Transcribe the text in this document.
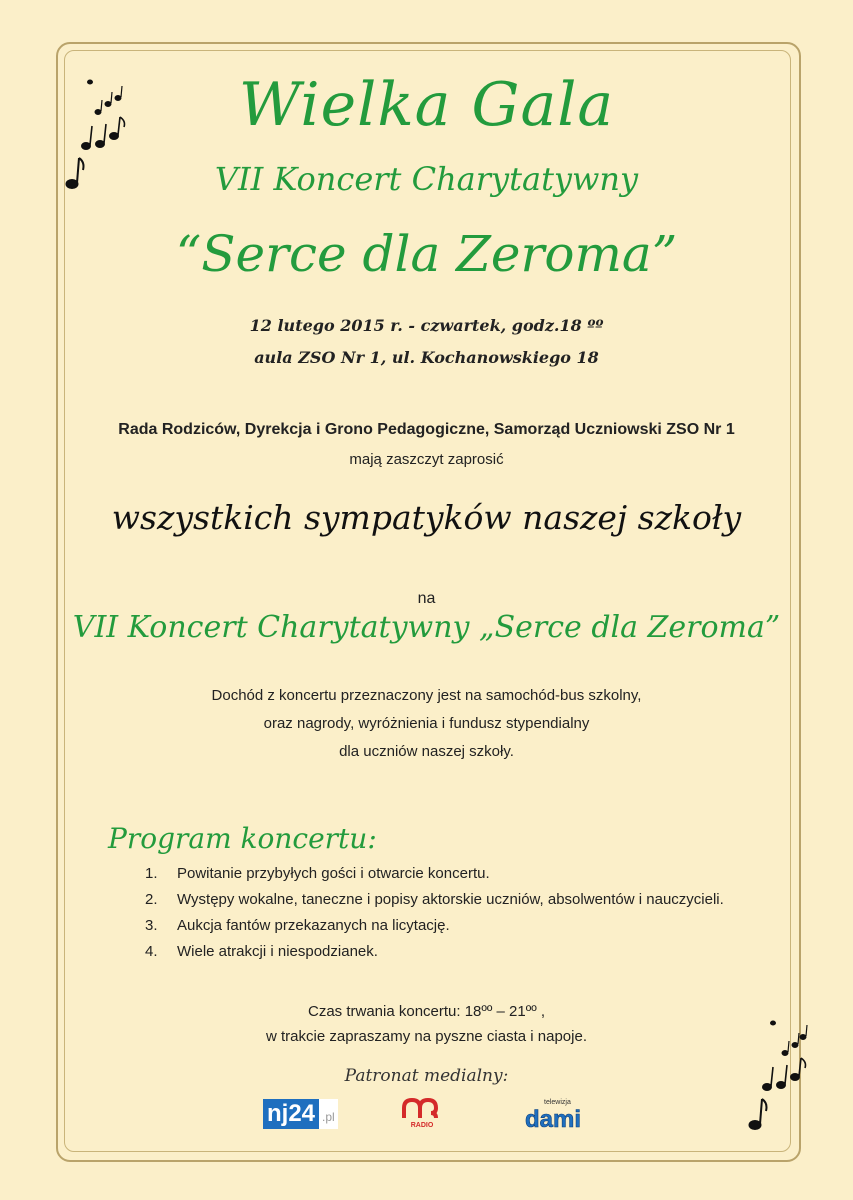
Wielka Gala
VII Koncert Charytatywny
“Serce dla Zeroma”
12 lutego 2015 r. - czwartek, godz.18 ºº
aula ZSO Nr 1, ul. Kochanowskiego 18
Rada Rodziców, Dyrekcja i Grono Pedagogiczne, Samorząd Uczniowski ZSO Nr 1
mają zaszczyt zaprosić
wszystkich sympatyków naszej szkoły
na
VII Koncert Charytatywny „Serce dla Zeroma”
Dochód z koncertu przeznaczony jest na samochód-bus szkolny,
oraz nagrody, wyróżnienia i fundusz stypendialny
dla uczniów naszej szkoły.
Program koncertu:
1.	Powitanie przybyłych gości i otwarcie koncertu.
2.	Występy wokalne, taneczne i popisy aktorskie uczniów, absolwentów i nauczycieli.
3.	Aukcja fantów przekazanych na licytację.
4.	Wiele atrakcji i niespodzianek.
Czas trwania koncertu: 18ºº – 21ºº ,
w trakcie zapraszamy na pyszne ciasta i napoje.
Patronat medialny:
nj24 .pl
RADIO
telewizja
dami
